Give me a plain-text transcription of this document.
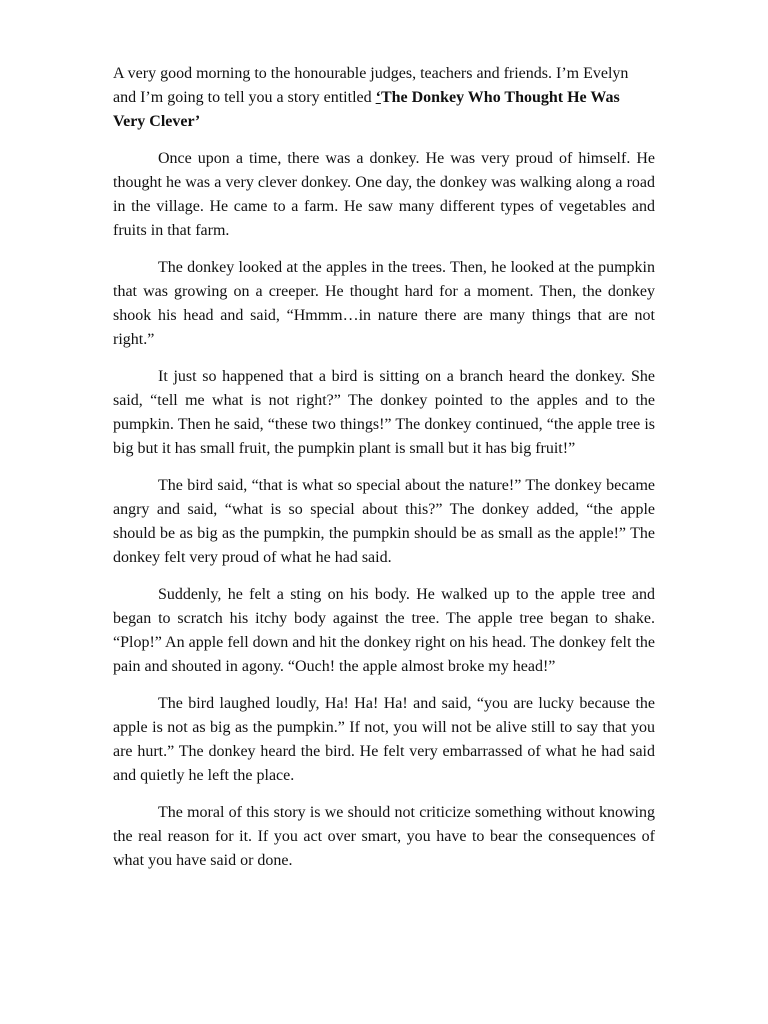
A very good morning to the honourable judges, teachers and friends. I’m Evelyn and I’m going to tell you a story entitled ‘The Donkey Who Thought He Was Very Clever’

Once upon a time, there was a donkey. He was very proud of himself. He thought he was a very clever donkey. One day, the donkey was walking along a road in the village. He came to a farm. He saw many different types of vegetables and fruits in that farm.

The donkey looked at the apples in the trees. Then, he looked at the pumpkin that was growing on a creeper. He thought hard for a moment. Then, the donkey shook his head and said, “Hmmm…in nature there are many things that are not right.”

It just so happened that a bird is sitting on a branch heard the donkey. She said, “tell me what is not right?” The donkey pointed to the apples and to the pumpkin. Then he said, “these two things!” The donkey continued, “the apple tree is big but it has small fruit, the pumpkin plant is small but it has big fruit!”

The bird said, “that is what so special about the nature!” The donkey became angry and said, “what is so special about this?” The donkey added, “the apple should be as big as the pumpkin, the pumpkin should be as small as the apple!” The donkey felt very proud of what he had said.

Suddenly, he felt a sting on his body. He walked up to the apple tree and began to scratch his itchy body against the tree. The apple tree began to shake. “Plop!” An apple fell down and hit the donkey right on his head. The donkey felt the pain and shouted in agony. “Ouch! the apple almost broke my head!”

The bird laughed loudly, Ha! Ha! Ha! and said, “you are lucky because the apple is not as big as the pumpkin.” If not, you will not be alive still to say that you are hurt.” The donkey heard the bird. He felt very embarrassed of what he had said and quietly he left the place.

The moral of this story is we should not criticize something without knowing the real reason for it. If you act over smart, you have to bear the consequences of what you have said or done.
